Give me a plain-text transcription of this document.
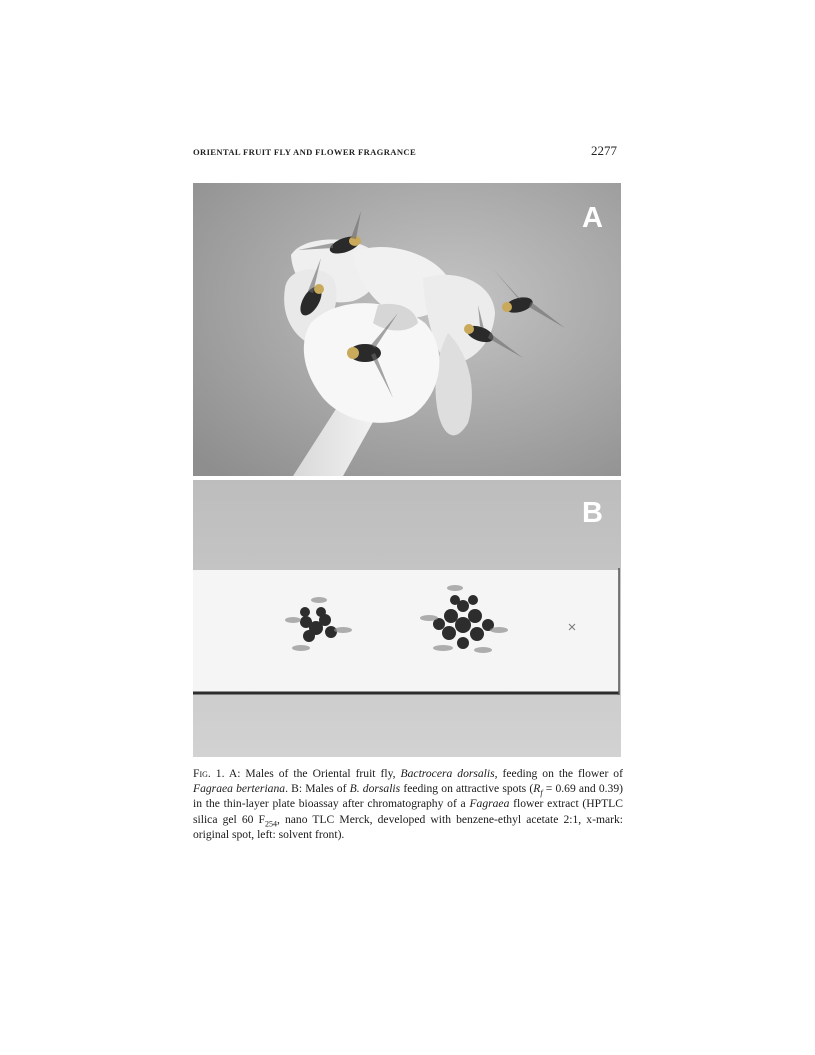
ORIENTAL FRUIT FLY AND FLOWER FRAGRANCE	2277
A
B
Fig. 1. A: Males of the Oriental fruit fly, Bactrocera dorsalis, feeding on the flower of Fagraea berteriana. B: Males of B. dorsalis feeding on attractive spots ($R_f = 0.69$ and 0.39) in the thin-layer plate bioassay after chromatography of a Fagraea flower extract (HPTLC silica gel 60 $F_{254}$, nano TLC Merck, developed with benzene-ethyl acetate 2:1, x-mark: original spot, left: solvent front).
